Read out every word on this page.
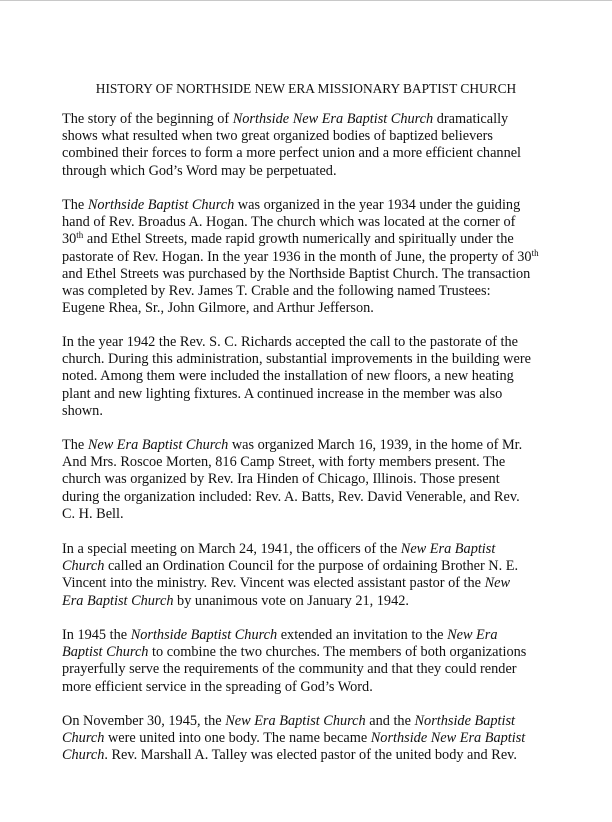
HISTORY OF NORTHSIDE NEW ERA MISSIONARY BAPTIST CHURCH

The story of the beginning of Northside New Era Baptist Church dramatically
shows what resulted when two great organized bodies of baptized believers
combined their forces to form a more perfect union and a more efficient channel
through which God’s Word may be perpetuated.

The Northside Baptist Church was organized in the year 1934 under the guiding
hand of Rev. Broadus A. Hogan. The church which was located at the corner of
30th and Ethel Streets, made rapid growth numerically and spiritually under the
pastorate of Rev. Hogan. In the year 1936 in the month of June, the property of 30th
and Ethel Streets was purchased by the Northside Baptist Church. The transaction
was completed by Rev. James T. Crable and the following named Trustees:
Eugene Rhea, Sr., John Gilmore, and Arthur Jefferson.

In the year 1942 the Rev. S. C. Richards accepted the call to the pastorate of the
church. During this administration, substantial improvements in the building were
noted. Among them were included the installation of new floors, a new heating
plant and new lighting fixtures. A continued increase in the member was also
shown.

The New Era Baptist Church was organized March 16, 1939, in the home of Mr.
And Mrs. Roscoe Morten, 816 Camp Street, with forty members present. The
church was organized by Rev. Ira Hinden of Chicago, Illinois. Those present
during the organization included: Rev. A. Batts, Rev. David Venerable, and Rev.
C. H. Bell.

In a special meeting on March 24, 1941, the officers of the New Era Baptist
Church called an Ordination Council for the purpose of ordaining Brother N. E.
Vincent into the ministry. Rev. Vincent was elected assistant pastor of the New
Era Baptist Church by unanimous vote on January 21, 1942.

In 1945 the Northside Baptist Church extended an invitation to the New Era
Baptist Church to combine the two churches. The members of both organizations
prayerfully serve the requirements of the community and that they could render
more efficient service in the spreading of God’s Word.

On November 30, 1945, the New Era Baptist Church and the Northside Baptist
Church were united into one body. The name became Northside New Era Baptist
Church. Rev. Marshall A. Talley was elected pastor of the united body and Rev.
